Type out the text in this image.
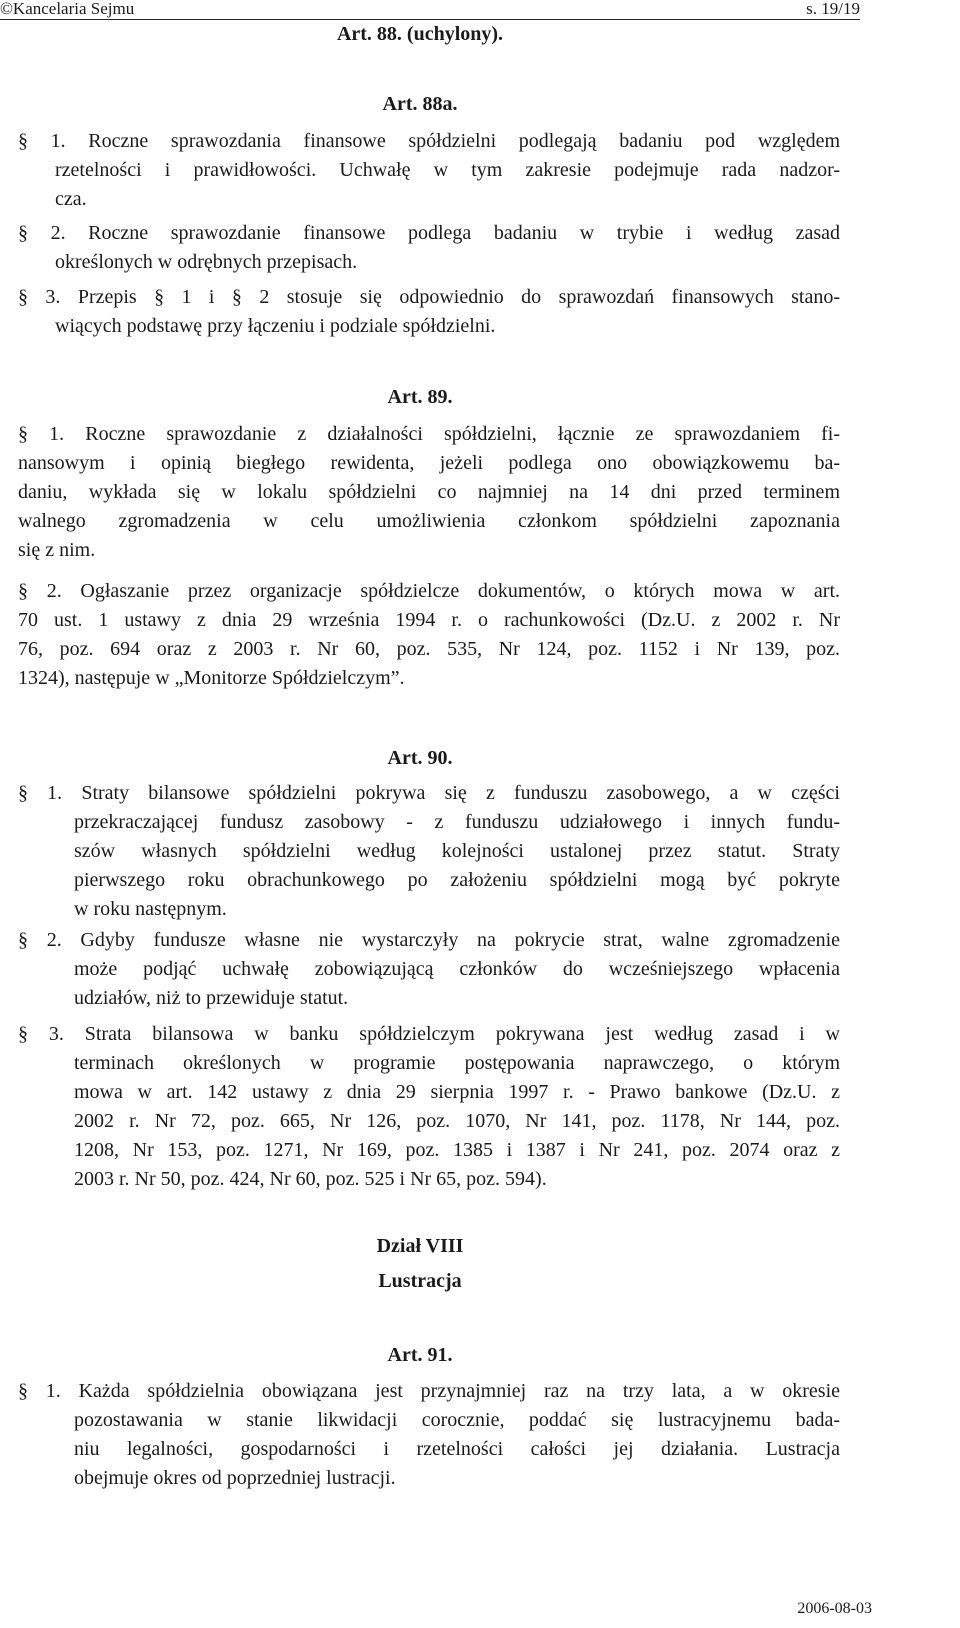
©Kancelaria Sejmu	s. 19/19
Art. 88. (uchylony).
Art. 88a.
§ 1. Roczne sprawozdania finansowe spółdzielni podlegają badaniu pod względem
rzetelności i prawidłowości. Uchwałę w tym zakresie podejmuje rada nadzor-
cza.
§ 2. Roczne sprawozdanie finansowe podlega badaniu w trybie i według zasad
określonych w odrębnych przepisach.
§ 3. Przepis § 1 i § 2 stosuje się odpowiednio do sprawozdań finansowych stano-
wiących podstawę przy łączeniu i podziale spółdzielni.
Art. 89.
§ 1. Roczne sprawozdanie z działalności spółdzielni, łącznie ze sprawozdaniem fi-
nansowym i opinią biegłego rewidenta, jeżeli podlega ono obowiązkowemu ba-
daniu, wykłada się w lokalu spółdzielni co najmniej na 14 dni przed terminem
walnego zgromadzenia w celu umożliwienia członkom spółdzielni zapoznania
się z nim.
§ 2. Ogłaszanie przez organizacje spółdzielcze dokumentów, o których mowa w art.
70 ust. 1 ustawy z dnia 29 września 1994 r. o rachunkowości (Dz.U. z 2002 r. Nr
76, poz. 694 oraz z 2003 r. Nr 60, poz. 535, Nr 124, poz. 1152 i Nr 139, poz.
1324), następuje w „Monitorze Spółdzielczym”.
Art. 90.
§ 1. Straty bilansowe spółdzielni pokrywa się z funduszu zasobowego, a w części
przekraczającej fundusz zasobowy - z funduszu udziałowego i innych fundu-
szów własnych spółdzielni według kolejności ustalonej przez statut. Straty
pierwszego roku obrachunkowego po założeniu spółdzielni mogą być pokryte
w roku następnym.
§ 2. Gdyby fundusze własne nie wystarczyły na pokrycie strat, walne zgromadzenie
może podjąć uchwałę zobowiązującą członków do wcześniejszego wpłacenia
udziałów, niż to przewiduje statut.
§ 3. Strata bilansowa w banku spółdzielczym pokrywana jest według zasad i w
terminach określonych w programie postępowania naprawczego, o którym
mowa w art. 142 ustawy z dnia 29 sierpnia 1997 r. - Prawo bankowe (Dz.U. z
2002 r. Nr 72, poz. 665, Nr 126, poz. 1070, Nr 141, poz. 1178, Nr 144, poz.
1208, Nr 153, poz. 1271, Nr 169, poz. 1385 i 1387 i Nr 241, poz. 2074 oraz z
2003 r. Nr 50, poz. 424, Nr 60, poz. 525 i Nr 65, poz. 594).
Dział VIII
Lustracja
Art. 91.
§ 1. Każda spółdzielnia obowiązana jest przynajmniej raz na trzy lata, a w okresie
pozostawania w stanie likwidacji corocznie, poddać się lustracyjnemu bada-
niu legalności, gospodarności i rzetelności całości jej działania. Lustracja
obejmuje okres od poprzedniej lustracji.
2006-08-03
